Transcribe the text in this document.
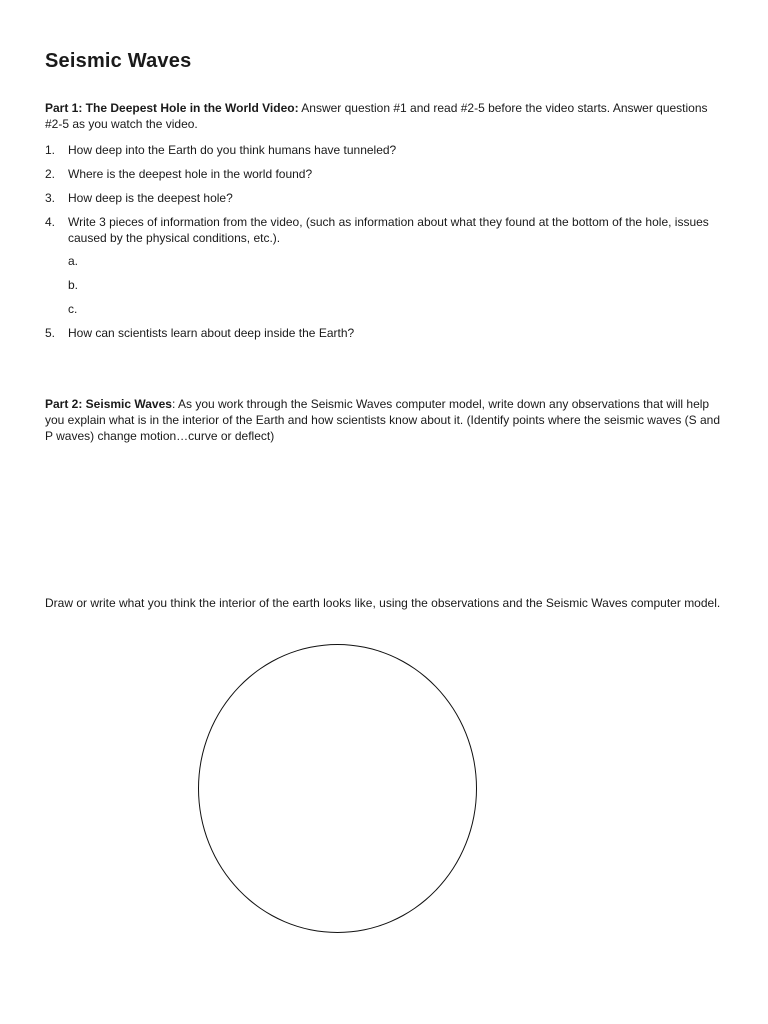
Seismic Waves

Part 1: The Deepest Hole in the World Video: Answer question #1 and read #2-5 before the video starts. Answer questions #2-5 as you watch the video.

1. How deep into the Earth do you think humans have tunneled?
2. Where is the deepest hole in the world found?
3. How deep is the deepest hole?
4. Write 3 pieces of information from the video, (such as information about what they found at the bottom of the hole, issues caused by the physical conditions, etc.).
a.
b.
c.
5. How can scientists learn about deep inside the Earth?

Part 2: Seismic Waves: As you work through the Seismic Waves computer model, write down any observations that will help you explain what is in the interior of the Earth and how scientists know about it. (Identify points where the seismic waves (S and P waves) change motion…curve or deflect)

Draw or write what you think the interior of the earth looks like, using the observations and the Seismic Waves computer model.
